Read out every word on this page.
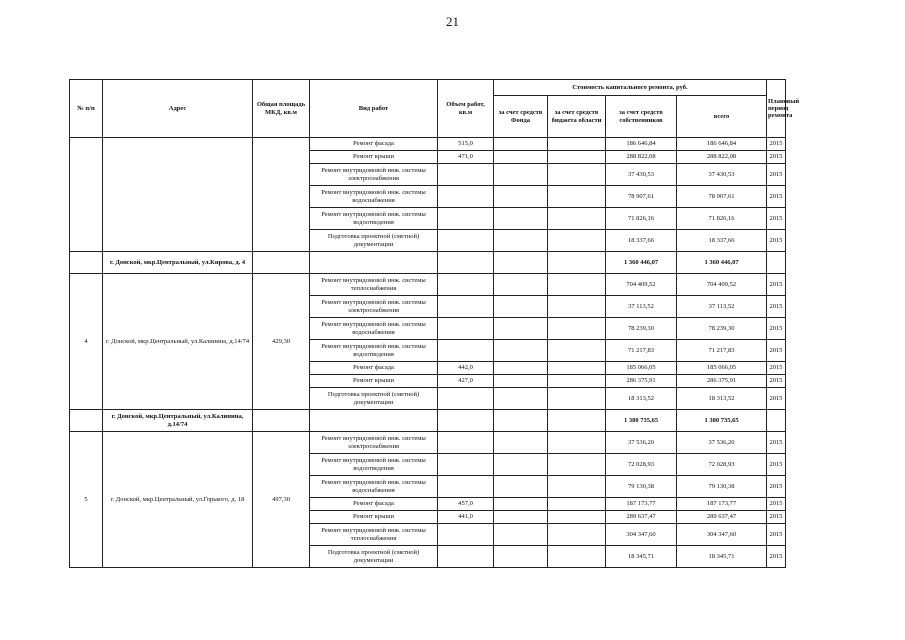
21
№ п/п	Адрес	Общая площадь МКД, кв.м	Вид работ	Объем работ, кв.м	Стоимость капитального ремонта, руб.				Плановый период ремонта
					за счет средств Фонда	за счет средств бюджета области	за счет средств собственников	всего	
			Ремонт фасада	515,0			186 646,84	186 646,84	2015
			Ремонт крыши	471,0			288 822,08	288 822,08	2015
			Ремонт внутридомовой инж. системы электроснабжения				37 430,53	37 430,53	2015
			Ремонт внутридомовой инж. системы водоснабжения				78 907,61	78 907,61	2015
			Ремонт внутридомовой инж. системы водоотведения				71 826,16	71 826,16	2015
			Подготовка проектной (сметной) документации				18 337,66	18 337,66	2015
	г. Донской, мкр.Центральный, ул.Кирова, д. 4						1 360 446,07	1 360 446,07	
4	г. Донской, мкр.Центральный, ул.Калинина, д.14/74	429,30	Ремонт внутридомовой инж. системы теплоснабжения				704 409,52	704 409,52	2015
			Ремонт внутридомовой инж. системы электроснабжения				37 113,52	37 113,52	2015
			Ремонт внутридомовой инж. системы водоснабжения				78 239,30	78 239,30	2015
			Ремонт внутридомовой инж. системы водоотведения				71 217,83	71 217,83	2015
			Ремонт фасада	442,0			185 066,05	185 066,05	2015
			Ремонт крыши	427,0			286 375,91	286 375,91	2015
			Подготовка проектной (сметной) документации				18 313,52	18 313,52	2015
	г. Донской, мкр.Центральный, ул.Калинина, д.14/74						1 380 735,65	1 380 735,65	
5	г. Донской, мкр.Центральный, ул.Горького, д. 18	497,30	Ремонт внутридомовой инж. системы электроснабжения				37 536,20	37 536,20	2015
			Ремонт внутридомовой инж. системы водоотведения				72 028,93	72 028,93	2015
			Ремонт внутридомовой инж. системы водоснабжения				79 130,38	79 130,38	2015
			Ремонт фасада	457,0			187 173,77	187 173,77	2015
			Ремонт крыши	441,0			289 637,47	289 637,47	2015
			Ремонт внутридомовой инж. системы теплоснабжения				304 347,60	304 347,60	2015
			Подготовка проектной (сметной) документации				18 345,71	18 345,71	2015
